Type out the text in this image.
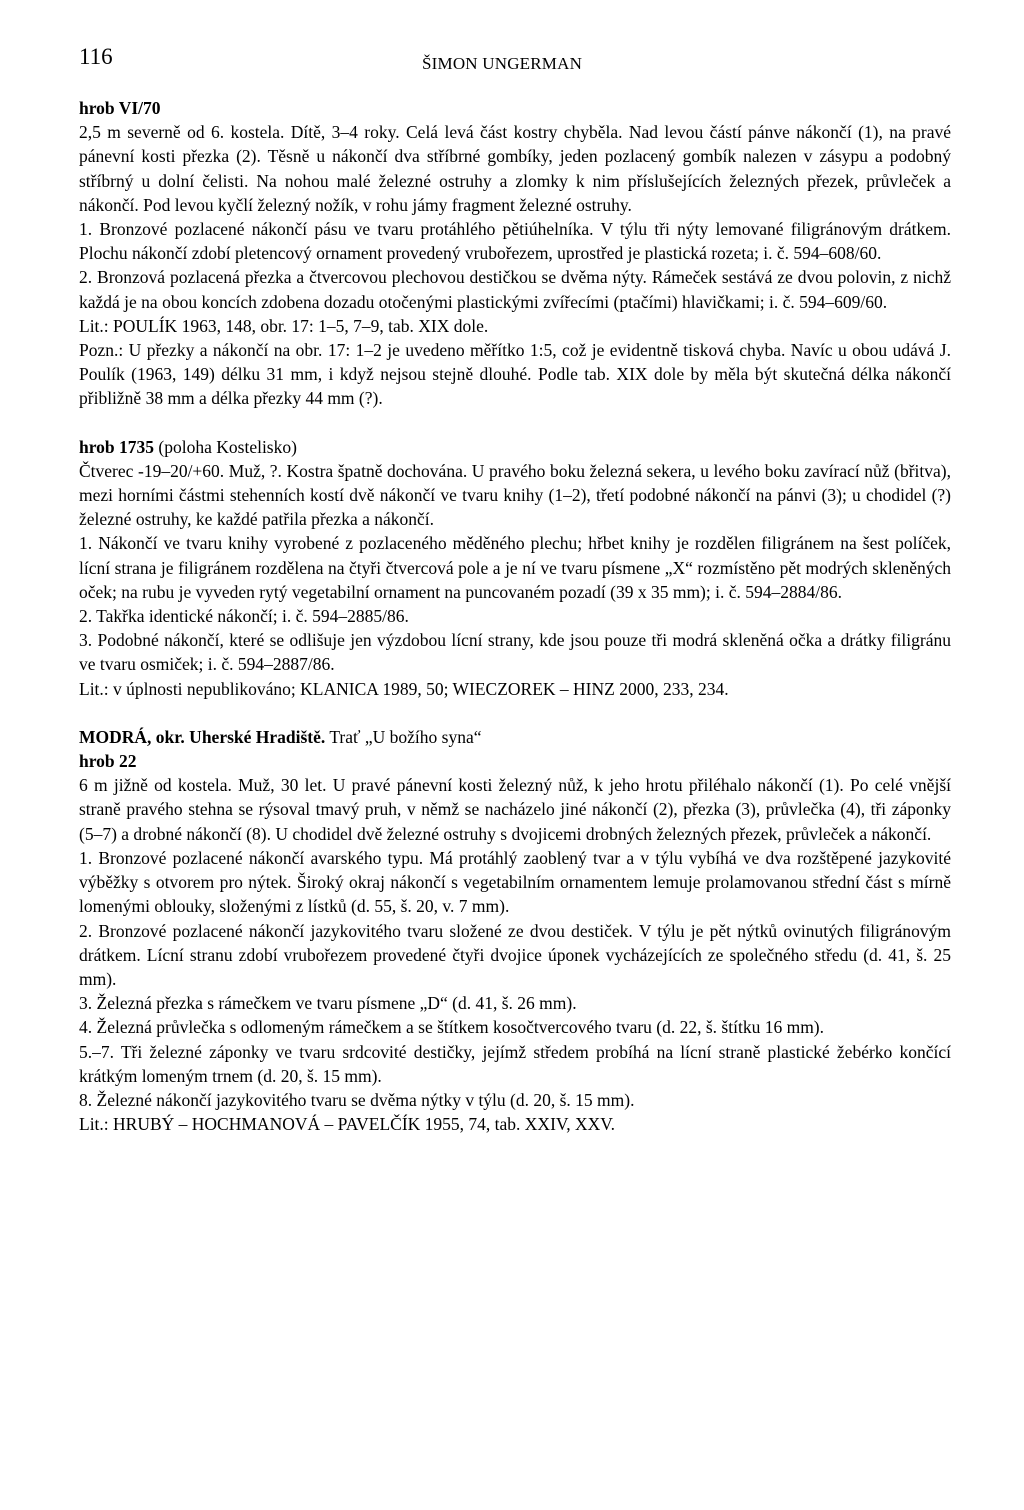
116	ŠIMON UNGERMAN

hrob VI/70

2,5 m severně od 6. kostela. Dítě, 3–4 roky. Celá levá část kostry chyběla. Nad levou částí pánve nákončí (1), na pravé pánevní kosti přezka (2). Těsně u nákončí dva stříbrné gombíky, jeden pozlacený gombík nalezen v zásypu a podobný stříbrný u dolní čelisti. Na nohou malé železné ostruhy a zlomky k nim příslušejících železných přezek, průvleček a nákončí. Pod levou kyčlí železný nožík, v rohu jámy fragment železné ostruhy.

1. Bronzové pozlacené nákončí pásu ve tvaru protáhlého pětiúhelníka. V týlu tři nýty lemované filigránovým drátkem. Plochu nákončí zdobí pletencový ornament provedený vrubořezem, uprostřed je plastická rozeta; i. č. 594–608/60.

2. Bronzová pozlacená přezka a čtvercovou plechovou destičkou se dvěma nýty. Rámeček sestává ze dvou polovin, z nichž každá je na obou koncích zdobena dozadu otočenými plastickými zvířecími (ptačími) hlavičkami; i. č. 594–609/60.

Lit.: POULÍK 1963, 148, obr. 17: 1–5, 7–9, tab. XIX dole.

Pozn.: U přezky a nákončí na obr. 17: 1–2 je uvedeno měřítko 1:5, což je evidentně tisková chyba. Navíc u obou udává J. Poulík (1963, 149) délku 31 mm, i když nejsou stejně dlouhé. Podle tab. XIX dole by měla být skutečná délka nákončí přibližně 38 mm a délka přezky 44 mm (?).

hrob 1735 (poloha Kostelisko)

Čtverec -19–20/+60. Muž, ?. Kostra špatně dochována. U pravého boku železná sekera, u levého boku zavírací nůž (břitva), mezi horními částmi stehenních kostí dvě nákončí ve tvaru knihy (1–2), třetí podobné nákončí na pánvi (3); u chodidel (?) železné ostruhy, ke každé patřila přezka a nákončí.

1. Nákončí ve tvaru knihy vyrobené z pozlaceného měděného plechu; hřbet knihy je rozdělen filigránem na šest políček, lícní strana je filigránem rozdělena na čtyři čtvercová pole a je ní ve tvaru písmene „X“ rozmístěno pět modrých skleněných oček; na rubu je vyveden rytý vegetabilní ornament na puncovaném pozadí (39 x 35 mm); i. č. 594–2884/86.

2. Takřka identické nákončí; i. č. 594–2885/86.

3. Podobné nákončí, které se odlišuje jen výzdobou lícní strany, kde jsou pouze tři modrá skleněná očka a drátky filigránu ve tvaru osmiček; i. č. 594–2887/86.

Lit.: v úplnosti nepublikováno; KLANICA 1989, 50; WIECZOREK – HINZ 2000, 233, 234.

MODRÁ, okr. Uherské Hradiště. Trať „U božího syna“

hrob 22

6 m jižně od kostela. Muž, 30 let. U pravé pánevní kosti železný nůž, k jeho hrotu přiléhalo nákončí (1). Po celé vnější straně pravého stehna se rýsoval tmavý pruh, v němž se nacházelo jiné nákončí (2), přezka (3), průvlečka (4), tři záponky (5–7) a drobné nákončí (8). U chodidel dvě železné ostruhy s dvojicemi drobných železných přezek, průvleček a nákončí.

1. Bronzové pozlacené nákončí avarského typu. Má protáhlý zaoblený tvar a v týlu vybíhá ve dva rozštěpené jazykovité výběžky s otvorem pro nýtek. Široký okraj nákončí s vegetabilním ornamentem lemuje prolamovanou střední část s mírně lomenými oblouky, složenými z lístků (d. 55, š. 20, v. 7 mm).

2. Bronzové pozlacené nákončí jazykovitého tvaru složené ze dvou destiček. V týlu je pět nýtků ovinutých filigránovým drátkem. Lícní stranu zdobí vrubořezem provedené čtyři dvojice úponek vycházejících ze společného středu (d. 41, š. 25 mm).

3. Železná přezka s rámečkem ve tvaru písmene „D“ (d. 41, š. 26 mm).

4. Železná průvlečka s odlomeným rámečkem a se štítkem kosočtvercového tvaru (d. 22, š. štítku 16 mm).

5.–7. Tři železné záponky ve tvaru srdcovité destičky, jejímž středem probíhá na lícní straně plastické žebérko končící krátkým lomeným trnem (d. 20, š. 15 mm).

8. Železné nákončí jazykovitého tvaru se dvěma nýtky v týlu (d. 20, š. 15 mm).

Lit.: HRUBÝ – HOCHMANOVÁ – PAVELČÍK 1955, 74, tab. XXIV, XXV.
